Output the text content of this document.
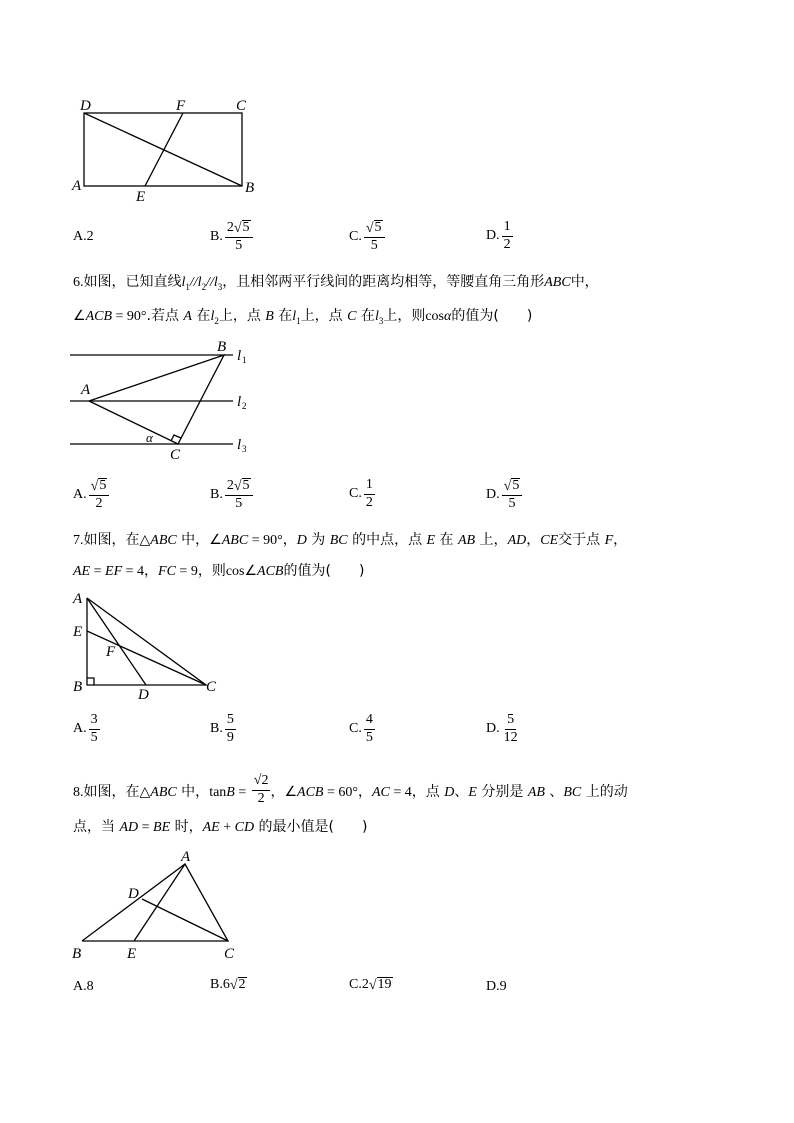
D	F	C
A
E
B
A. 2	B. $\frac{2 √ 5}{5}$	C. $\frac{√ 5}{5}$	D. $\frac{1}{2}$
6.如图，已知直线$l_1//l_2//l_3$，且相邻两平行线间的距离均相等，等腰直角三角形ABC中，
∠ACB = 90°.若点 A 在$l_2$上，点 B 在$l_1$上，点 C 在$l_3$上，则cosα的值为(　　 )
B
A
C
α
l 1
l 2
l 3
A. $\frac{√ 5}{2}$	B. $\frac{2 √ 5}{5}$	C. $\frac{1}{2}$	D. $\frac{√ 5}{5}$
7.如图，在△ABC 中，∠ABC = 90°，D 为 BC 的中点，点 E 在 AB 上，AD，CE交于点 F，
AE = EF = 4，FC = 9，则cos∠ACB的值为(　　 )
A
E
F
B	D	C
A. $\frac{3}{5}$	B. $\frac{5}{9}$	C. $\frac{4}{5}$	D. $\frac{5}{12}$
8.如图，在△ABC 中，$\tan B = \frac{√2}{2}$ ，∠ACB = 60°，AC = 4，点 D、E 分别是 AB 、BC 上的动
点，当 AD = BE 时，AE + CD 的最小值是(　　 )
A
D
B	E	C
A. 8	B. 6 √ 2	C. 2 √ 19	D. 9
